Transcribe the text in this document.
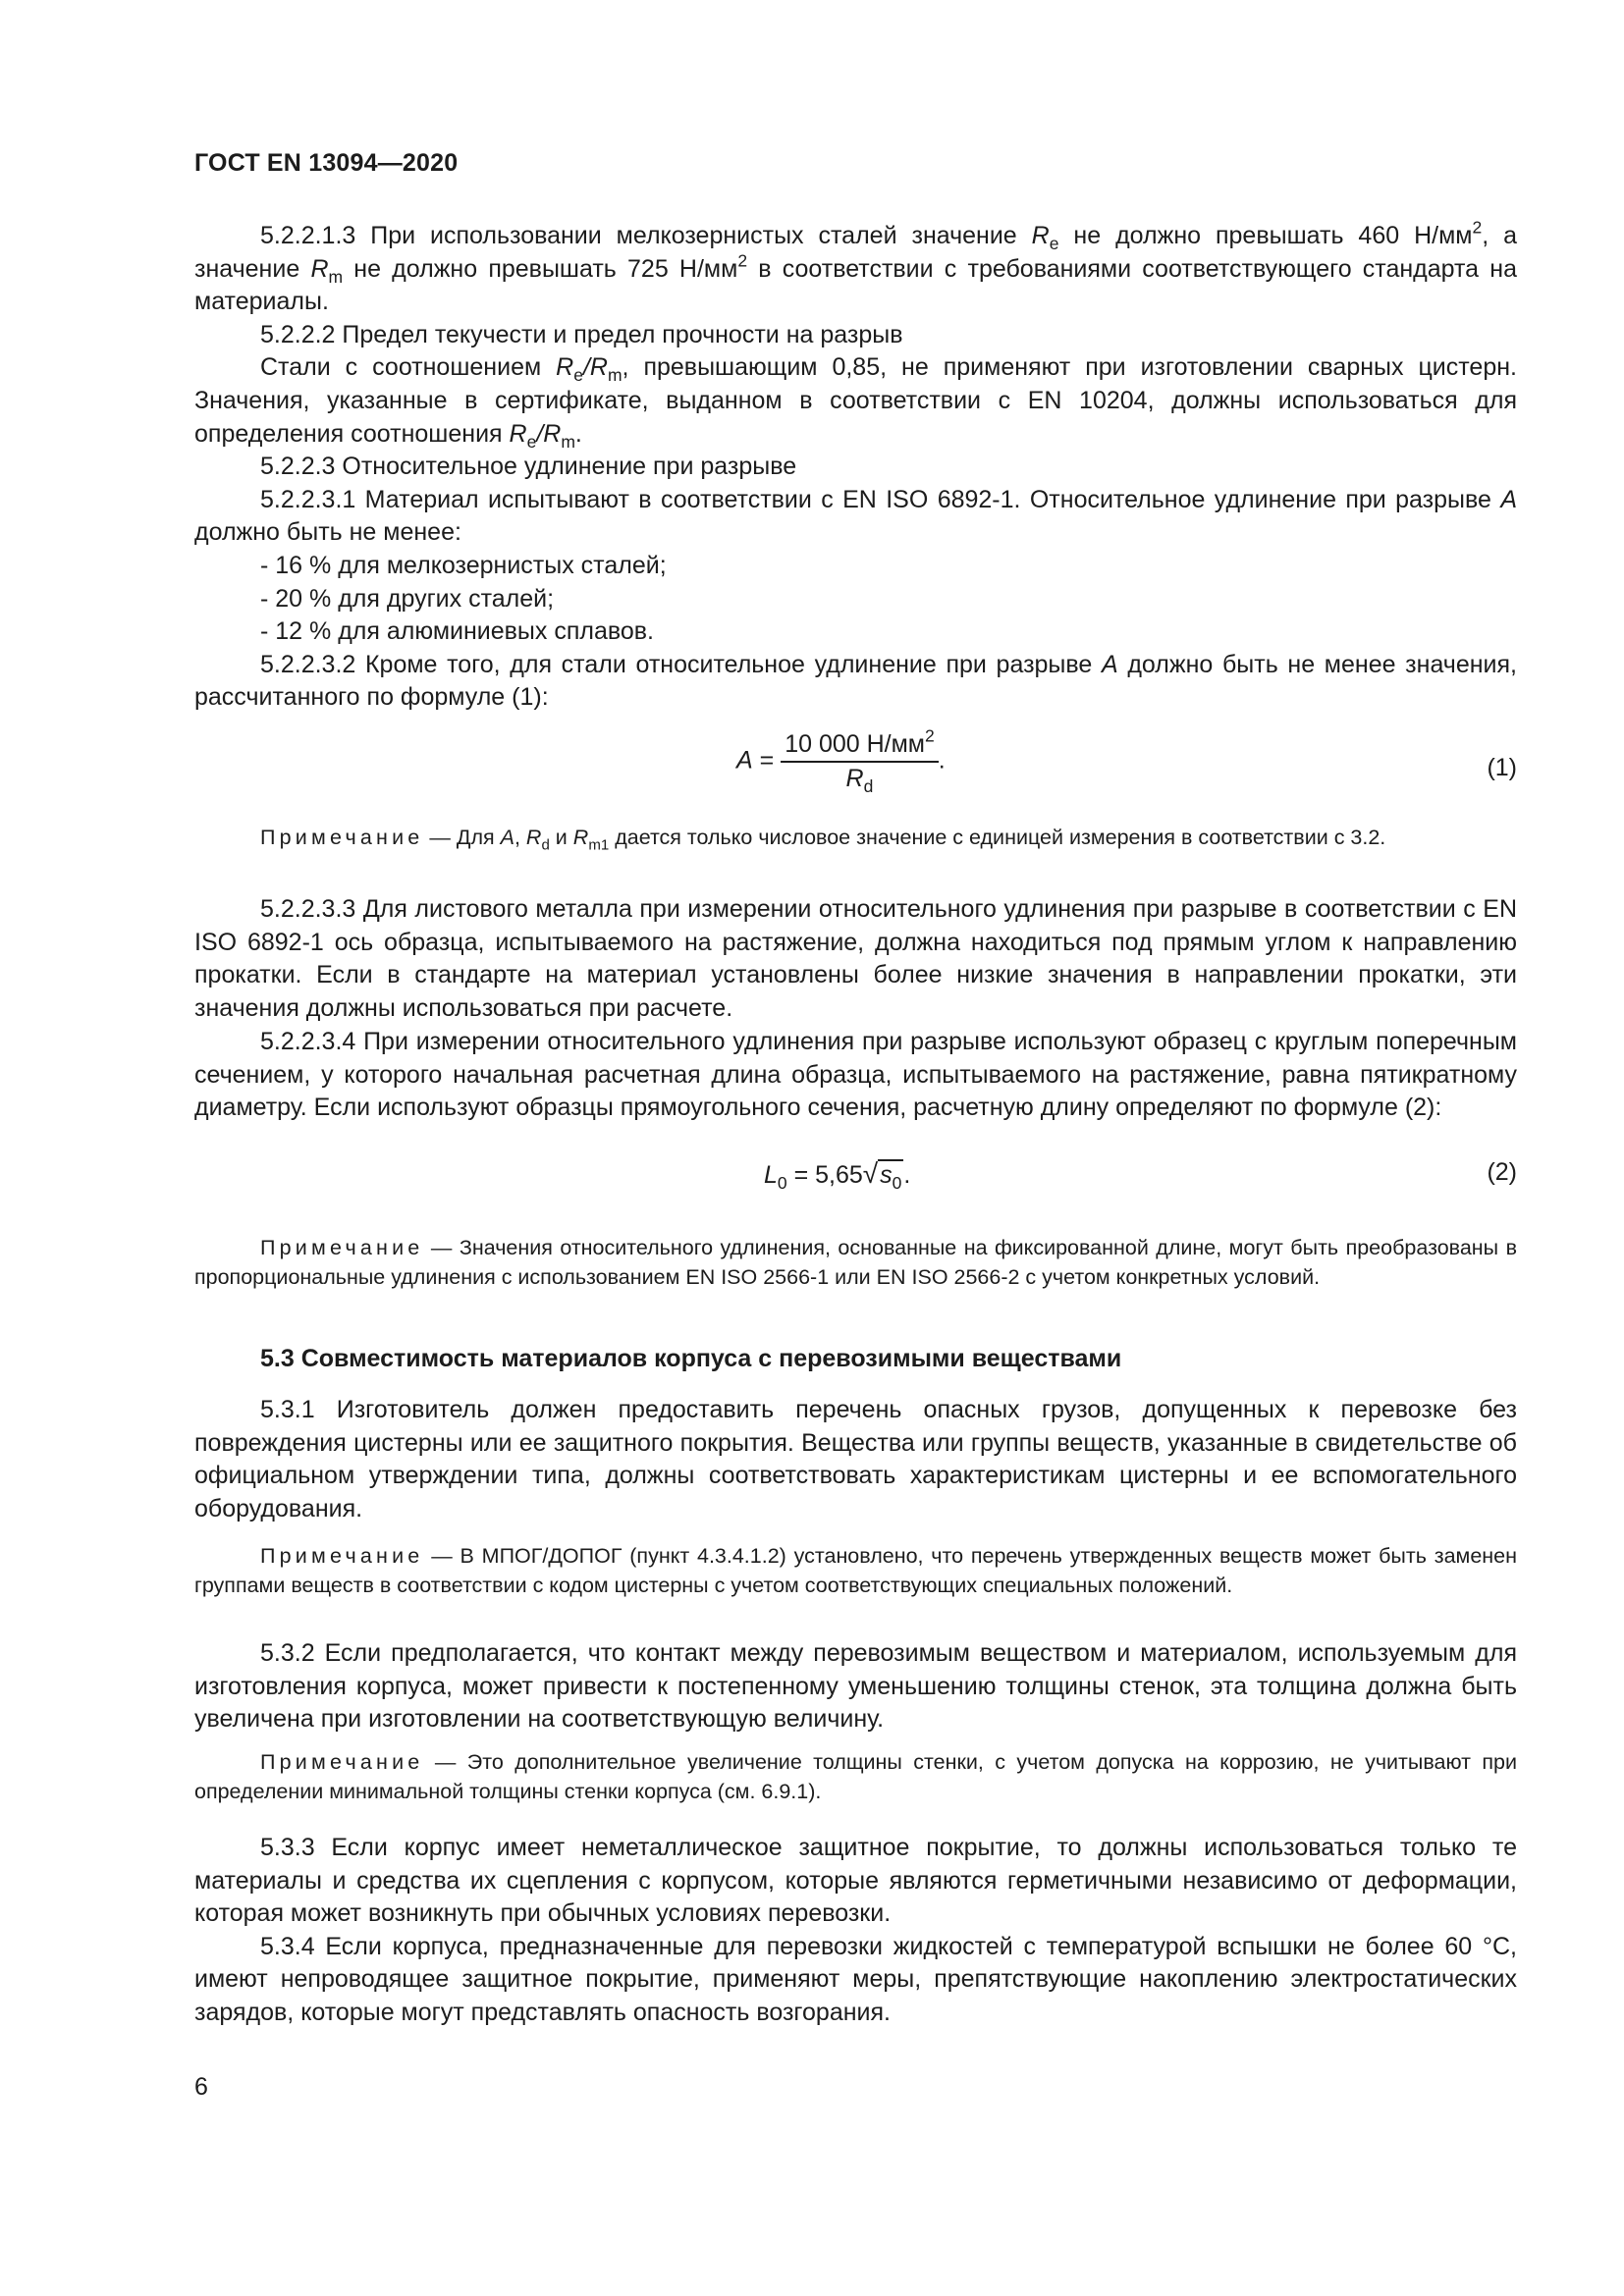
ГОСТ EN 13094—2020

5.2.2.1.3 При использовании мелкозернистых сталей значение $R_e$ не должно превышать 460 $Н/мм^2$, а значение $R_m$ не должно превышать 725 $Н/мм^2$ в соответствии с требованиями соответствующего стандарта на материалы.

5.2.2.2 Предел текучести и предел прочности на разрыв

Стали с соотношением $R_e/R_m$, превышающим 0,85, не применяют при изготовлении сварных цистерн. Значения, указанные в сертификате, выданном в соответствии с EN 10204, должны использоваться для определения соотношения $R_e/R_m$.

5.2.2.3 Относительное удлинение при разрыве

5.2.2.3.1 Материал испытывают в соответствии с EN ISO 6892-1. Относительное удлинение при разрыве A должно быть не менее:

- 16 % для мелкозернистых сталей;

- 20 % для других сталей;

- 12 % для алюминиевых сплавов.

5.2.2.3.2 Кроме того, для стали относительное удлинение при разрыве A должно быть не менее значения, рассчитанного по формуле (1):

$A = \frac{10 000 Н/мм^2}{R_d}$ .	(1)

Примечание — Для A, $R_d$ и $R_{m1}$ дается только числовое значение с единицей измерения в соответствии с 3.2.

5.2.2.3.3 Для листового металла при измерении относительного удлинения при разрыве в соответствии с EN ISO 6892-1 ось образца, испытываемого на растяжение, должна находиться под прямым углом к направлению прокатки. Если в стандарте на материал установлены более низкие значения в направлении прокатки, эти значения должны использоваться при расчете.

5.2.2.3.4 При измерении относительного удлинения при разрыве используют образец с круглым поперечным сечением, у которого начальная расчетная длина образца, испытываемого на растяжение, равна пятикратному диаметру. Если используют образцы прямоугольного сечения, расчетную длину определяют по формуле (2):

$L_0 = 5,65√s_0$.	(2)

Примечание — Значения относительного удлинения, основанные на фиксированной длине, могут быть преобразованы в пропорциональные удлинения с использованием EN ISO 2566-1 или EN ISO 2566-2 с учетом конкретных условий.

5.3 Совместимость материалов корпуса с перевозимыми веществами

5.3.1 Изготовитель должен предоставить перечень опасных грузов, допущенных к перевозке без повреждения цистерны или ее защитного покрытия. Вещества или группы веществ, указанные в свидетельстве об официальном утверждении типа, должны соответствовать характеристикам цистерны и ее вспомогательного оборудования.

Примечание — В МПОГ/ДОПОГ (пункт 4.3.4.1.2) установлено, что перечень утвержденных веществ может быть заменен группами веществ в соответствии с кодом цистерны с учетом соответствующих специальных положений.

5.3.2 Если предполагается, что контакт между перевозимым веществом и материалом, используемым для изготовления корпуса, может привести к постепенному уменьшению толщины стенок, эта толщина должна быть увеличена при изготовлении на соответствующую величину.

Примечание — Это дополнительное увеличение толщины стенки, с учетом допуска на коррозию, не учитывают при определении минимальной толщины стенки корпуса (см. 6.9.1).

5.3.3 Если корпус имеет неметаллическое защитное покрытие, то должны использоваться только те материалы и средства их сцепления с корпусом, которые являются герметичными независимо от деформации, которая может возникнуть при обычных условиях перевозки.

5.3.4 Если корпуса, предназначенные для перевозки жидкостей с температурой вспышки не более 60 °C, имеют непроводящее защитное покрытие, применяют меры, препятствующие накоплению электростатических зарядов, которые могут представлять опасность возгорания.

6
